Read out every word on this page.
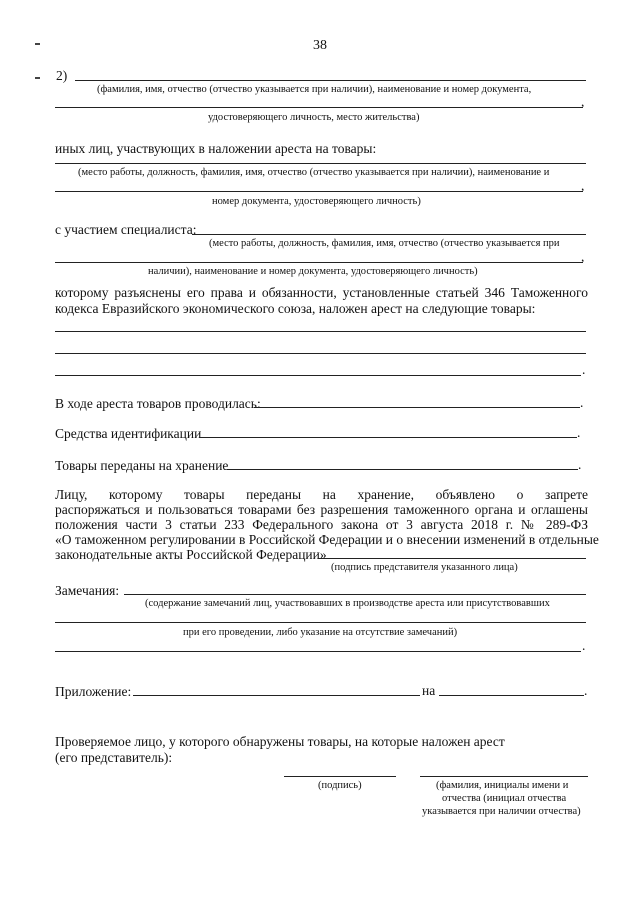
38
2)
(фамилия, имя, отчество (отчество указывается при наличии), наименование и номер документа,
,
удостоверяющего личность, место жительства)
иных лиц, участвующих в наложении ареста на товары:
(место работы, должность, фамилия, имя, отчество (отчество указывается при наличии), наименование и
,
номер документа, удостоверяющего личность)
с участием специалиста:
(место работы, должность, фамилия, имя, отчество (отчество указывается при
,
наличии), наименование и номер документа, удостоверяющего личность)
которому разъяснены его права и обязанности, установленные статьей 346 Таможенного
кодекса Евразийского экономического союза, наложен арест на следующие товары:
.
В ходе ареста товаров проводилась:	.
Средства идентификации	.
Товары переданы на хранение	.
Лицу, которому товары переданы на хранение, объявлено о запрете
распоряжаться и пользоваться товарами без разрешения таможенного органа и оглашены
положения части 3 статьи 233 Федерального закона от 3 августа 2018 г. № 289-ФЗ
«О таможенном регулировании в Российской Федерации и о внесении изменений в отдельные
законодательные акты Российской Федерации»
(подпись представителя указанного лица)
Замечания:
(содержание замечаний лиц, участвовавших в производстве ареста или присутствовавших
при его проведении, либо указание на отсутствие замечаний)
.
Приложение:	на	.
Проверяемое лицо, у которого обнаружены товары, на которые наложен арест
(его представитель):
(подпись)	(фамилия, инициалы имени и
отчества (инициал отчества
указывается при наличии отчества)
